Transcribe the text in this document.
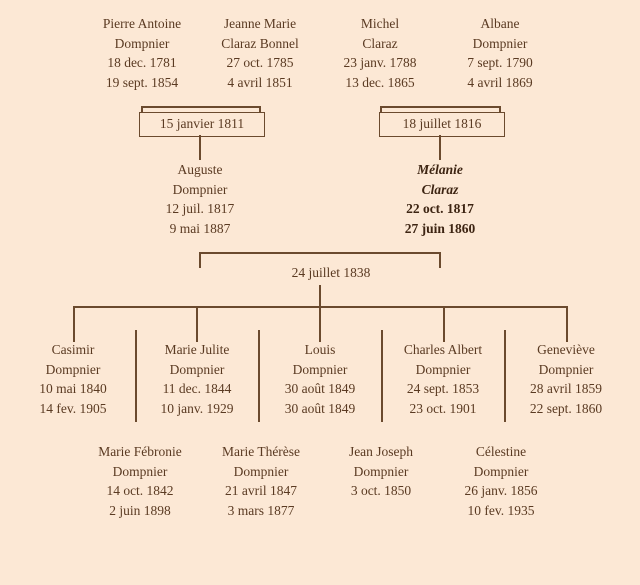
Pierre Antoine
Dompnier
18 dec. 1781
19 sept. 1854
Jeanne Marie
Claraz Bonnel
27 oct. 1785
4 avril 1851
Michel
Claraz
23 janv. 1788
13 dec. 1865
Albane
Dompnier
7 sept. 1790
4 avril 1869
15 janvier 1811	18 juillet 1816
Auguste
Dompnier
12 juil. 1817
9 mai 1887
Mélanie
Claraz
22 oct. 1817
27 juin 1860
24 juillet 1838
Casimir
Dompnier
10 mai 1840
14 fev. 1905
Marie Julite
Dompnier
11 dec. 1844
10 janv. 1929
Louis
Dompnier
30 août 1849
30 août 1849
Charles Albert
Dompnier
24 sept. 1853
23 oct. 1901
Geneviève
Dompnier
28 avril 1859
22 sept. 1860
Marie Fébronie
Dompnier
14 oct. 1842
2 juin 1898
Marie Thérèse
Dompnier
21 avril 1847
3 mars 1877
Jean Joseph
Dompnier
3 oct. 1850
Célestine
Dompnier
26 janv. 1856
10 fev. 1935
